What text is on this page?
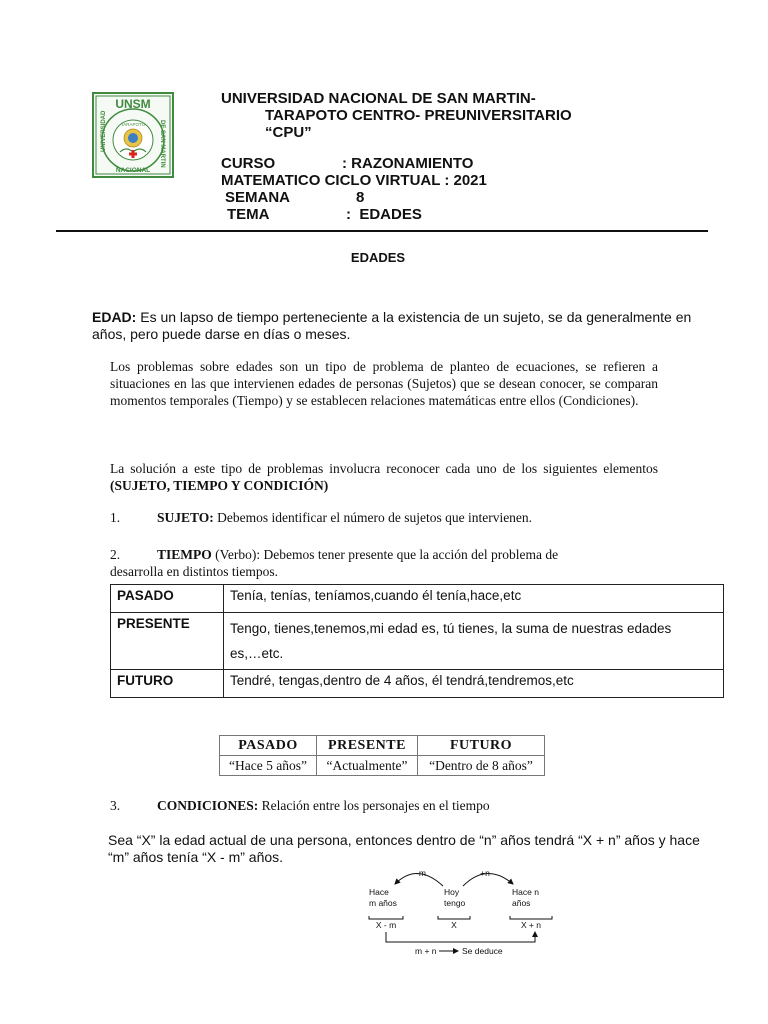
UNSM
UNIVERSIDAD	DE SAN MARTIN
NACIONAL
TARAPOTO
UNIVERSIDAD NACIONAL DE SAN MARTIN-
TARAPOTO CENTRO- PREUNIVERSITARIO
“CPU”
CURSO	: RAZONAMIENTO
MATEMATICO CICLO VIRTUAL : 2021
SEMANA	8
TEMA	:  EDADES
EDADES
EDAD: Es un lapso de tiempo perteneciente a la existencia de un sujeto, se da generalmente en años, pero puede darse en días o meses.
Los problemas sobre edades son un tipo de problema de planteo de ecuaciones, se refieren a situaciones en las que intervienen edades de personas (Sujetos) que se desean conocer, se comparan momentos temporales (Tiempo) y se establecen relaciones matemáticas entre ellos (Condiciones).
La solución a este tipo de problemas involucra reconocer cada uno de los siguientes elementos (SUJETO, TIEMPO Y CONDICIÓN)
1.	SUJETO: Debemos identificar el número de sujetos que intervienen.
2.	TIEMPO (Verbo): Debemos tener presente que la acción del problema de
desarrolla en distintos tiempos.
PASADO	Tenía, tenías, teníamos,cuando él tenía,hace,etc
PRESENTE	Tengo, tienes,tenemos,mi edad es, tú tienes, la suma de nuestras edades
es,…etc.

FUTURO	Tendré, tengas,dentro de 4 años, él tendrá,tendremos,etc
PASADO	PRESENTE	FUTURO
“Hace 5 años”	“Actualmente”	“Dentro de 8 años”
3.	CONDICIONES: Relación entre los personajes en el tiempo
Sea “X” la edad actual de una persona, entonces dentro de “n” años tendrá “X + n” años y hace “m” años tenía “X - m” años.
-m	+n
Hace
m años
Hoy
tengo
Hace n
años
X - m	X	X + n
m + n	Se deduce
